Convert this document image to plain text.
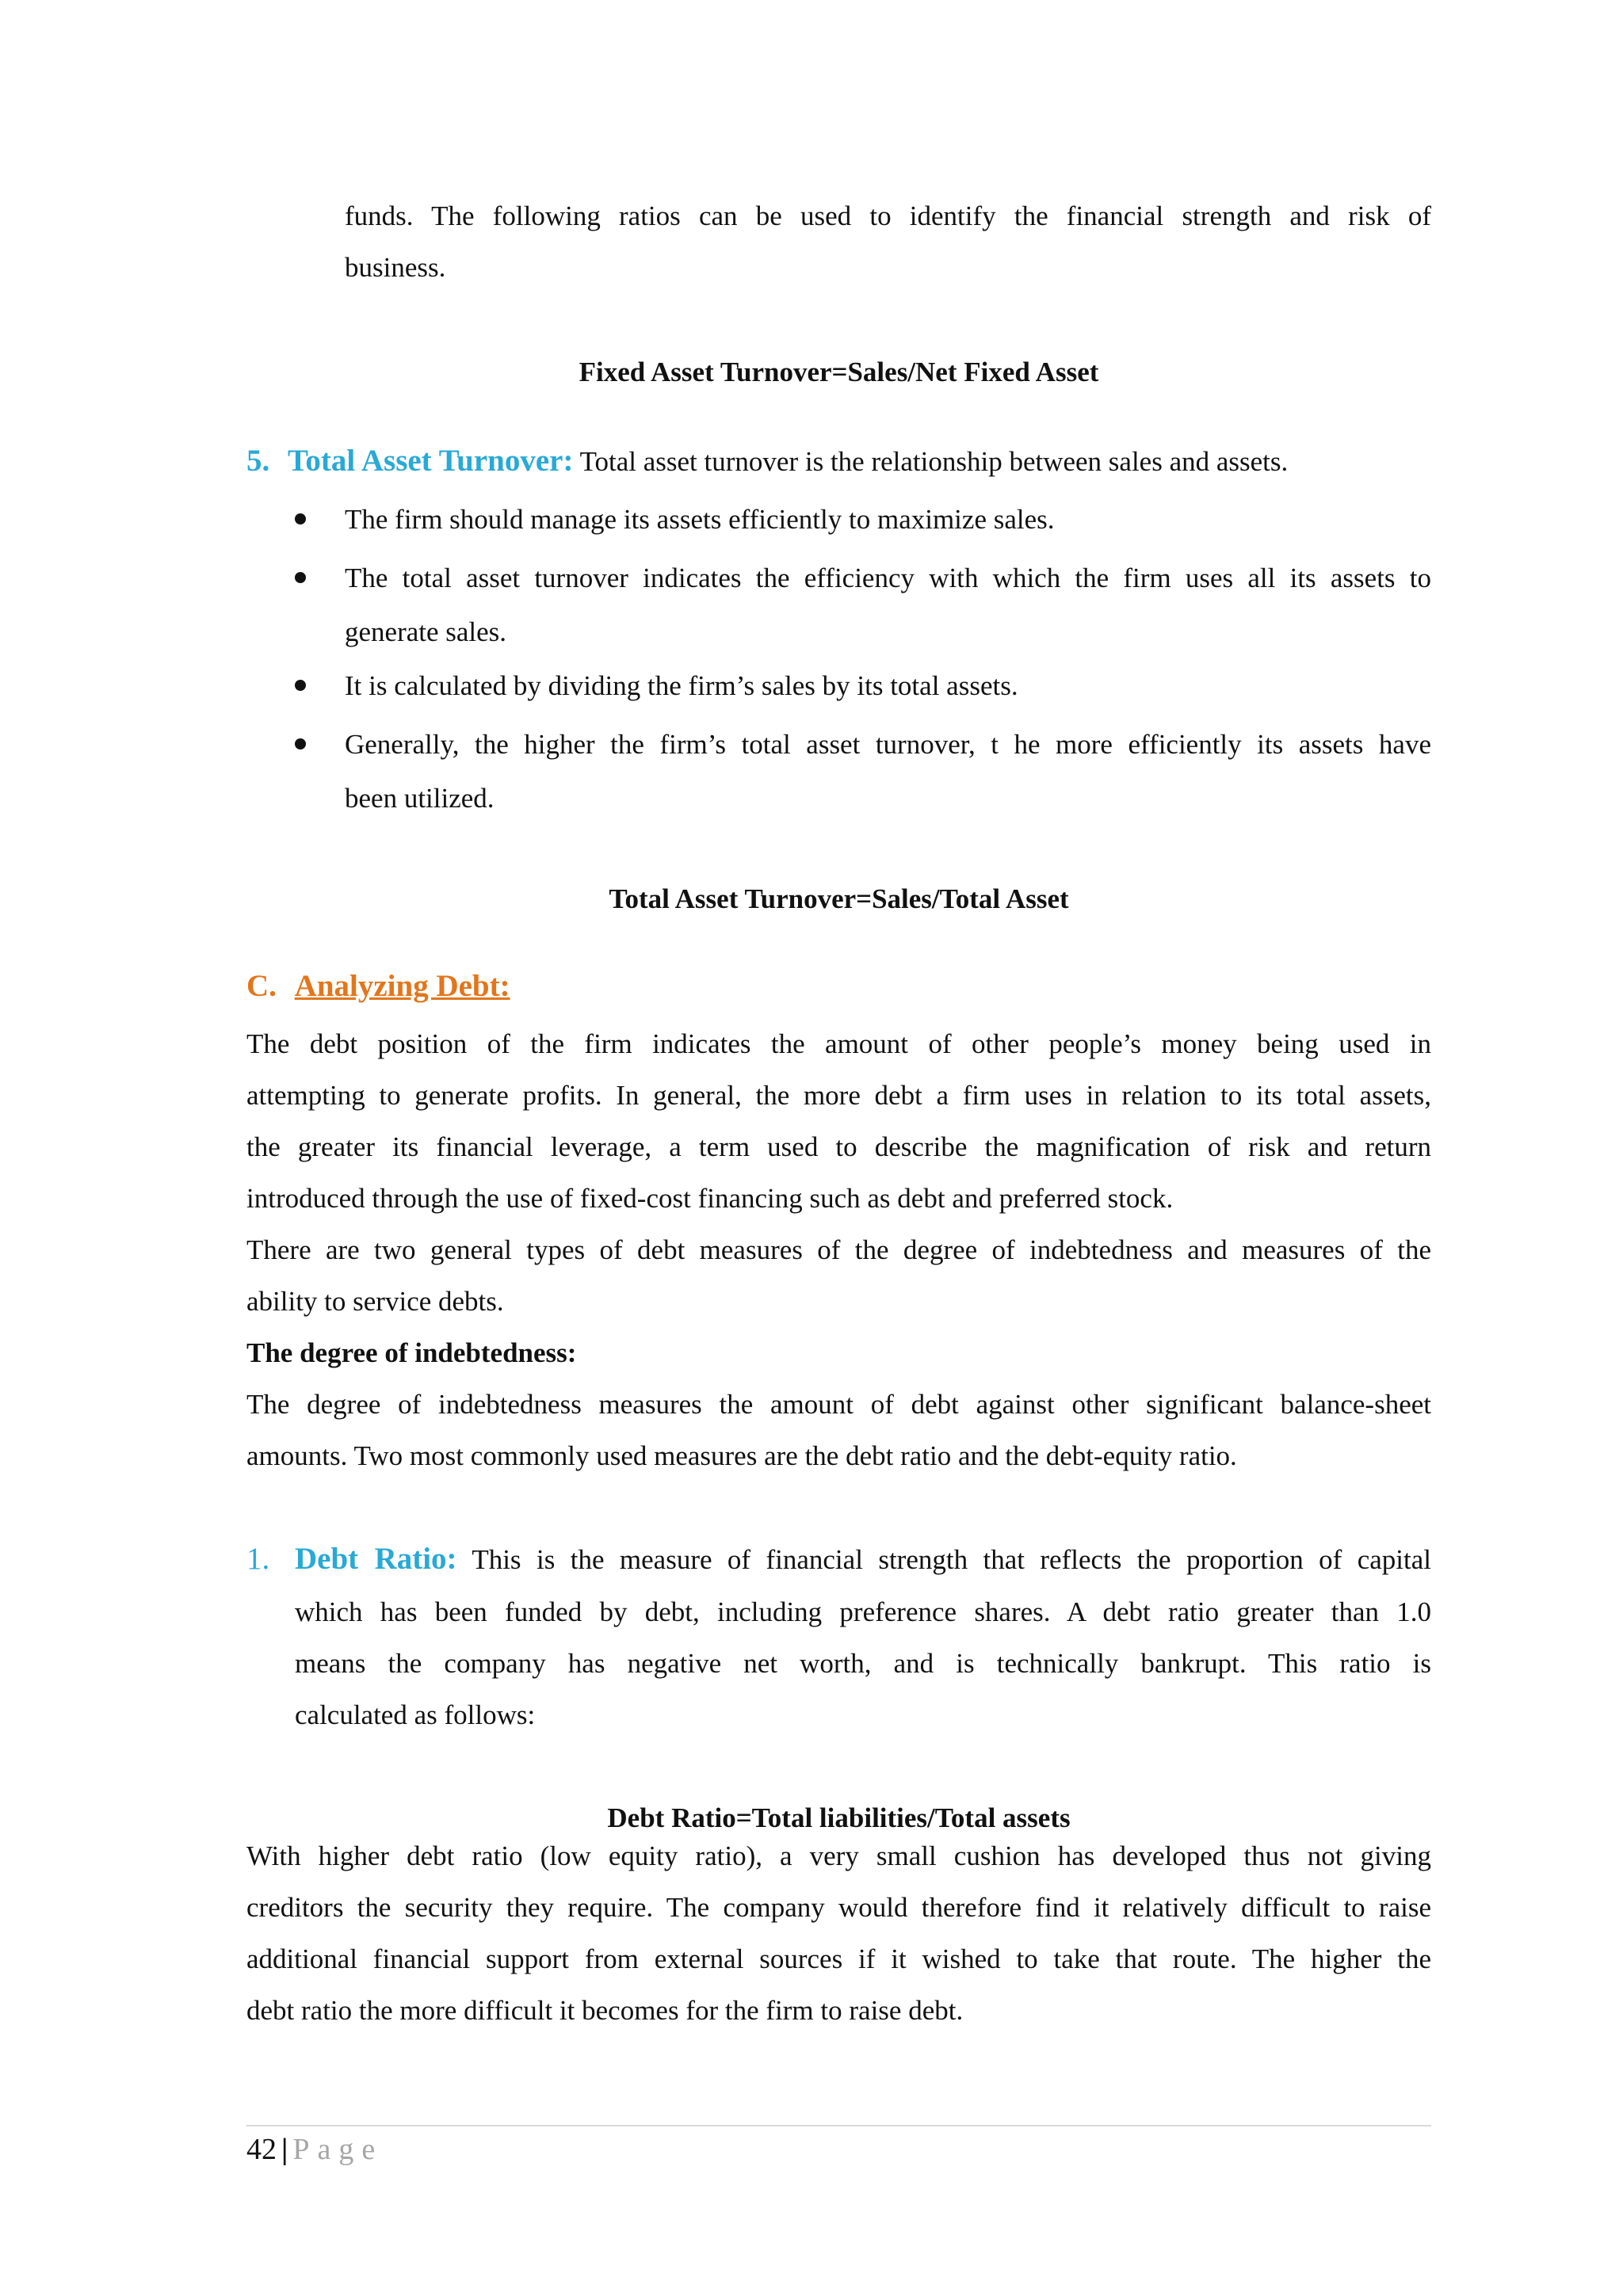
funds. The following ratios can be used to identify the financial strength and risk of
business.
Fixed Asset Turnover=Sales/Net Fixed Asset
5. Total Asset Turnover: Total asset turnover is the relationship between sales and assets.
The firm should manage its assets efficiently to maximize sales.
The total asset turnover indicates the efficiency with which the firm uses all its assets to
generate sales.
It is calculated by dividing the firm’s sales by its total assets.
Generally, the higher the firm’s total asset turnover, t he more efficiently its assets have
been utilized.
Total Asset Turnover=Sales/Total Asset
C. Analyzing Debt:
The debt position of the firm indicates the amount of other people’s money being used in
attempting to generate profits. In general, the more debt a firm uses in relation to its total assets,
the greater its financial leverage, a term used to describe the magnification of risk and return
introduced through the use of fixed-cost financing such as debt and preferred stock.
There are two general types of debt measures of the degree of indebtedness and measures of the
ability to service debts.
The degree of indebtedness:
The degree of indebtedness measures the amount of debt against other significant balance-sheet
amounts. Two most commonly used measures are the debt ratio and the debt-equity ratio.
1. Debt Ratio: This is the measure of financial strength that reflects the proportion of capital
which has been funded by debt, including preference shares. A debt ratio greater than 1.0
means the company has negative net worth, and is technically bankrupt. This ratio is
calculated as follows:
Debt Ratio=Total liabilities/Total assets
With higher debt ratio (low equity ratio), a very small cushion has developed thus not giving
creditors the security they require. The company would therefore find it relatively difficult to raise
additional financial support from external sources if it wished to take that route. The higher the
debt ratio the more difficult it becomes for the firm to raise debt.
42 | Page
